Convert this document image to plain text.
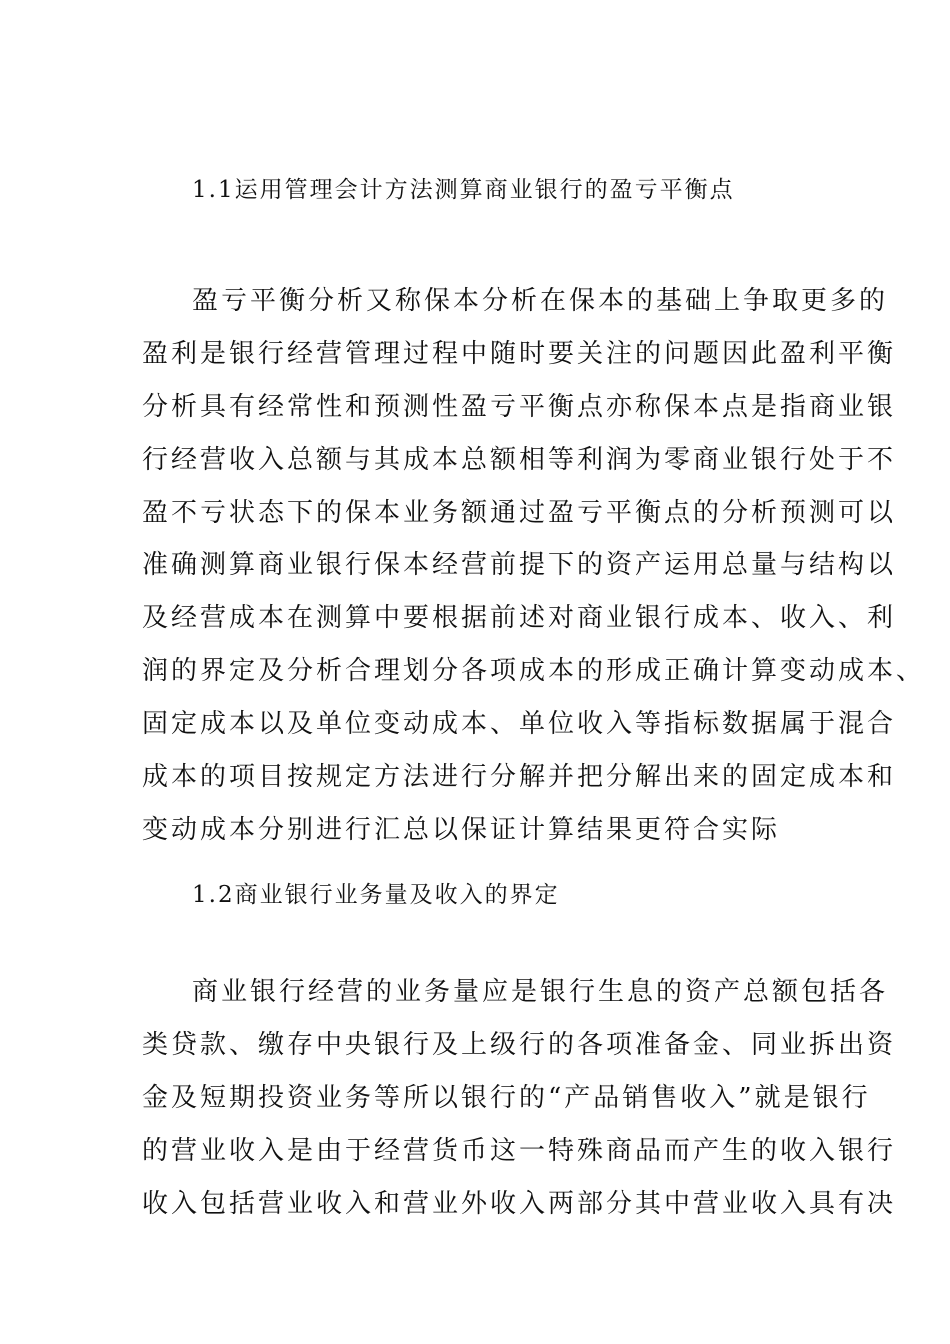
1.1运用管理会计方法测算商业银行的盈亏平衡点
盈亏平衡分析又称保本分析在保本的基础上争取更多的
盈利是银行经营管理过程中随时要关注的问题因此盈利平衡
分析具有经常性和预测性盈亏平衡点亦称保本点是指商业银
行经营收入总额与其成本总额相等利润为零商业银行处于不
盈不亏状态下的保本业务额通过盈亏平衡点的分析预测可以
准确测算商业银行保本经营前提下的资产运用总量与结构以
及经营成本在测算中要根据前述对商业银行成本、收入、利
润的界定及分析合理划分各项成本的形成正确计算变动成本、
固定成本以及单位变动成本、单位收入等指标数据属于混合
成本的项目按规定方法进行分解并把分解出来的固定成本和
变动成本分别进行汇总以保证计算结果更符合实际
1.2商业银行业务量及收入的界定
商业银行经营的业务量应是银行生息的资产总额包括各
类贷款、缴存中央银行及上级行的各项准备金、同业拆出资
金及短期投资业务等所以银行的“产品销售收入”就是银行
的营业收入是由于经营货币这一特殊商品而产生的收入银行
收入包括营业收入和营业外收入两部分其中营业收入具有决
